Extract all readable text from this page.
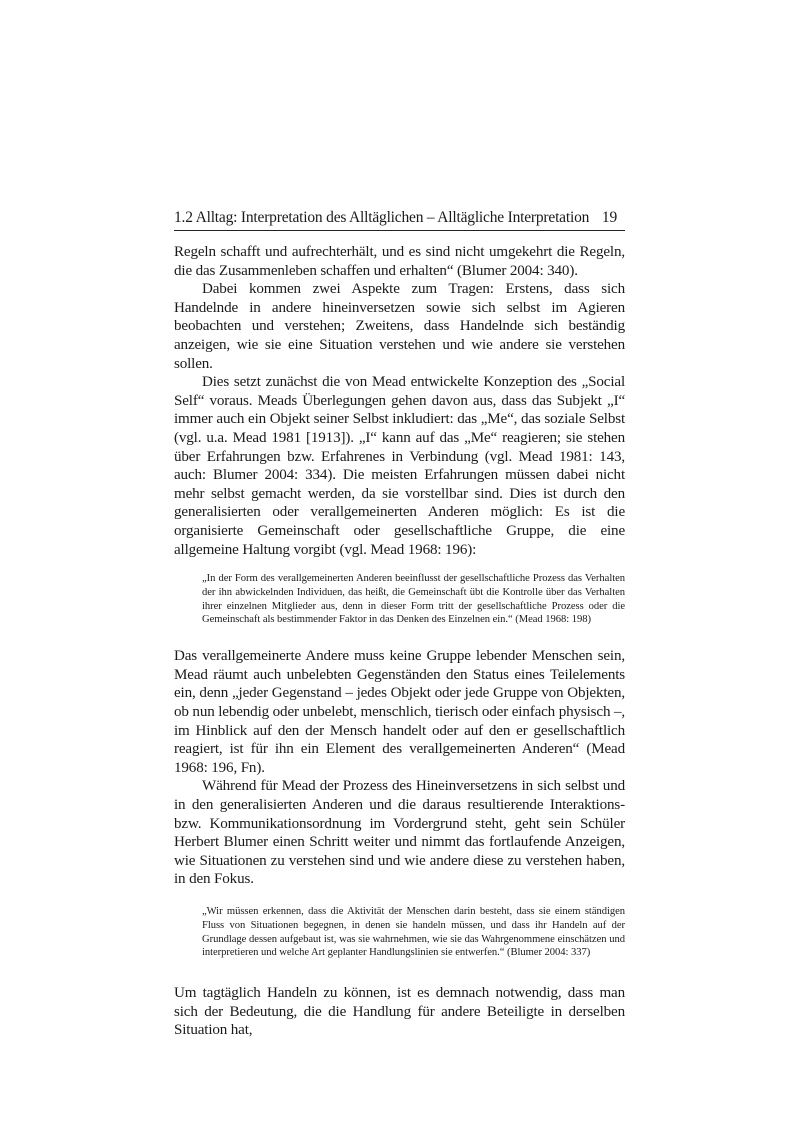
1.2 Alltag: Interpretation des Alltäglichen – Alltägliche Interpretation 19

Regeln schafft und aufrechterhält, und es sind nicht umgekehrt die Regeln, die das Zusammenleben schaffen und erhalten“ (Blumer 2004: 340).

Dabei kommen zwei Aspekte zum Tragen: Erstens, dass sich Handelnde in andere hineinversetzen sowie sich selbst im Agieren beobachten und verstehen; Zweitens, dass Handelnde sich beständig anzeigen, wie sie eine Situation verstehen und wie andere sie verstehen sollen.

Dies setzt zunächst die von Mead entwickelte Konzeption des „Social Self“ voraus. Meads Überlegungen gehen davon aus, dass das Subjekt „I“ immer auch ein Objekt seiner Selbst inkludiert: das „Me“, das soziale Selbst (vgl. u.a. Mead 1981 [1913]). „I“ kann auf das „Me“ reagieren; sie stehen über Erfahrungen bzw. Erfahrenes in Verbindung (vgl. Mead 1981: 143, auch: Blumer 2004: 334). Die meisten Erfahrungen müssen dabei nicht mehr selbst gemacht werden, da sie vorstellbar sind. Dies ist durch den generalisierten oder verallgemeinerten Anderen möglich: Es ist die organisierte Gemeinschaft oder gesellschaftliche Gruppe, die eine allgemeine Haltung vorgibt (vgl. Mead 1968: 196):

„In der Form des verallgemeinerten Anderen beeinflusst der gesellschaftliche Prozess das Verhalten der ihn abwickelnden Individuen, das heißt, die Gemeinschaft übt die Kontrolle über das Verhalten ihrer einzelnen Mitglieder aus, denn in dieser Form tritt der gesellschaftliche Prozess oder die Gemeinschaft als bestimmender Faktor in das Denken des Einzelnen ein.“ (Mead 1968: 198)

Das verallgemeinerte Andere muss keine Gruppe lebender Menschen sein, Mead räumt auch unbelebten Gegenständen den Status eines Teilelements ein, denn „jeder Gegenstand – jedes Objekt oder jede Gruppe von Objekten, ob nun lebendig oder unbelebt, menschlich, tierisch oder einfach physisch –, im Hinblick auf den der Mensch handelt oder auf den er gesellschaftlich reagiert, ist für ihn ein Element des verallgemeinerten Anderen“ (Mead 1968: 196, Fn).

Während für Mead der Prozess des Hineinversetzens in sich selbst und in den generalisierten Anderen und die daraus resultierende Interaktions- bzw. Kommunikationsordnung im Vordergrund steht, geht sein Schüler Herbert Blumer einen Schritt weiter und nimmt das fortlaufende Anzeigen, wie Situationen zu verstehen sind und wie andere diese zu verstehen haben, in den Fokus.

„Wir müssen erkennen, dass die Aktivität der Menschen darin besteht, dass sie einem ständigen Fluss von Situationen begegnen, in denen sie handeln müssen, und dass ihr Handeln auf der Grundlage dessen aufgebaut ist, was sie wahrnehmen, wie sie das Wahrgenommene einschätzen und interpretieren und welche Art geplanter Handlungslinien sie entwerfen.“ (Blumer 2004: 337)

Um tagtäglich Handeln zu können, ist es demnach notwendig, dass man sich der Bedeutung, die die Handlung für andere Beteiligte in derselben Situation hat,
